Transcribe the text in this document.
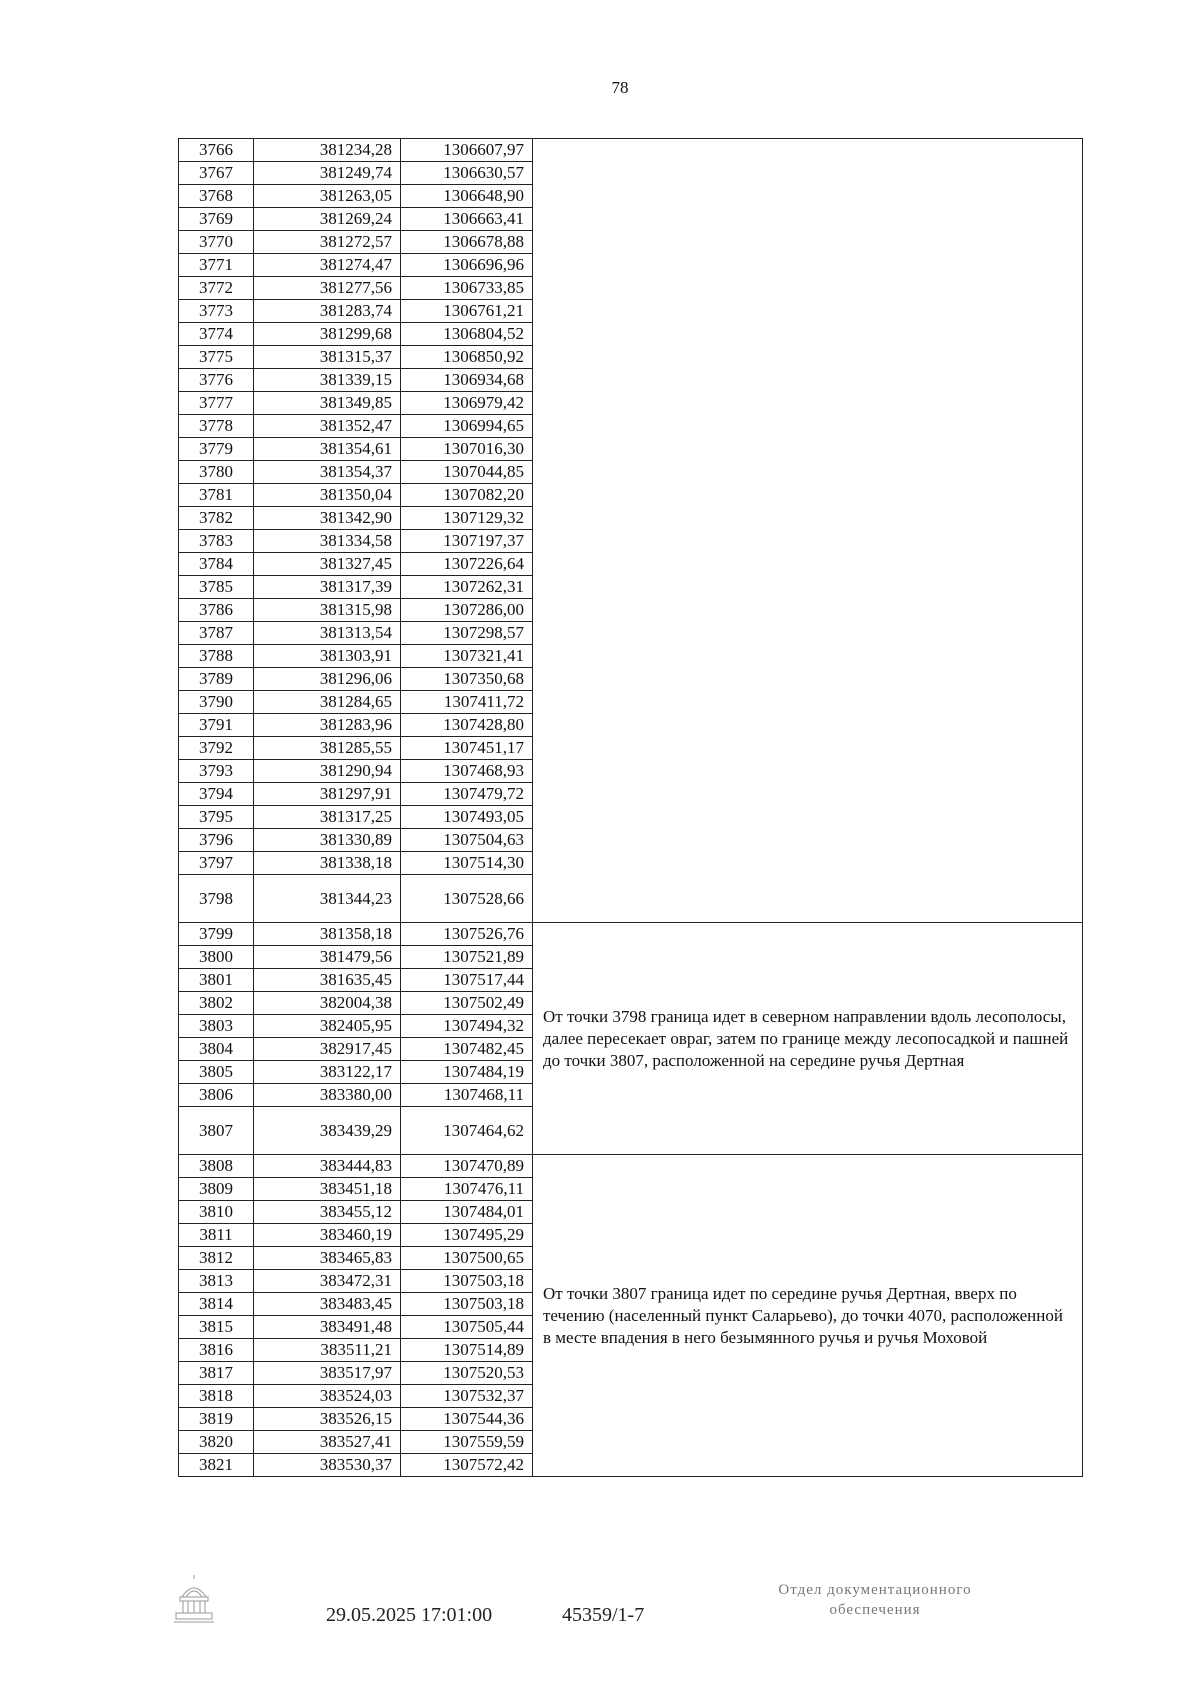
78
3766	381234,28	1306607,97	
3767	381249,74	1306630,57	
3768	381263,05	1306648,90	
3769	381269,24	1306663,41	
3770	381272,57	1306678,88	
3771	381274,47	1306696,96	
3772	381277,56	1306733,85	
3773	381283,74	1306761,21	
3774	381299,68	1306804,52	
3775	381315,37	1306850,92	
3776	381339,15	1306934,68	
3777	381349,85	1306979,42	
3778	381352,47	1306994,65	
3779	381354,61	1307016,30	
3780	381354,37	1307044,85	
3781	381350,04	1307082,20	
3782	381342,90	1307129,32	
3783	381334,58	1307197,37	
3784	381327,45	1307226,64	
3785	381317,39	1307262,31	
3786	381315,98	1307286,00	
3787	381313,54	1307298,57	
3788	381303,91	1307321,41	
3789	381296,06	1307350,68	
3790	381284,65	1307411,72	
3791	381283,96	1307428,80	
3792	381285,55	1307451,17	
3793	381290,94	1307468,93	
3794	381297,91	1307479,72	
3795	381317,25	1307493,05	
3796	381330,89	1307504,63	
3797	381338,18	1307514,30	
3798	381344,23	1307528,66	
3799	381358,18	1307526,76	От точки 3798 граница идет в северном направлении вдоль лесополосы, далее пересекает овраг, затем по границе между лесопосадкой и пашней до точки 3807, расположенной на середине ручья Дертная
3800	381479,56	1307521,89	
3801	381635,45	1307517,44	
3802	382004,38	1307502,49	
3803	382405,95	1307494,32	
3804	382917,45	1307482,45	
3805	383122,17	1307484,19	
3806	383380,00	1307468,11	
3807	383439,29	1307464,62	
3808	383444,83	1307470,89	От точки 3807 граница идет по середине ручья Дертная, вверх по течению (населенный пункт Саларьево), до точки 4070, расположенной в месте впадения в него безымянного ручья и ручья Моховой
3809	383451,18	1307476,11	
3810	383455,12	1307484,01	
3811	383460,19	1307495,29	
3812	383465,83	1307500,65	
3813	383472,31	1307503,18	
3814	383483,45	1307503,18	
3815	383491,48	1307505,44	
3816	383511,21	1307514,89	
3817	383517,97	1307520,53	
3818	383524,03	1307532,37	
3819	383526,15	1307544,36	
3820	383527,41	1307559,59	
3821	383530,37	1307572,42	
29.05.2025 17:01:00	45359/1-7
Отдел документационного
обеспечения
